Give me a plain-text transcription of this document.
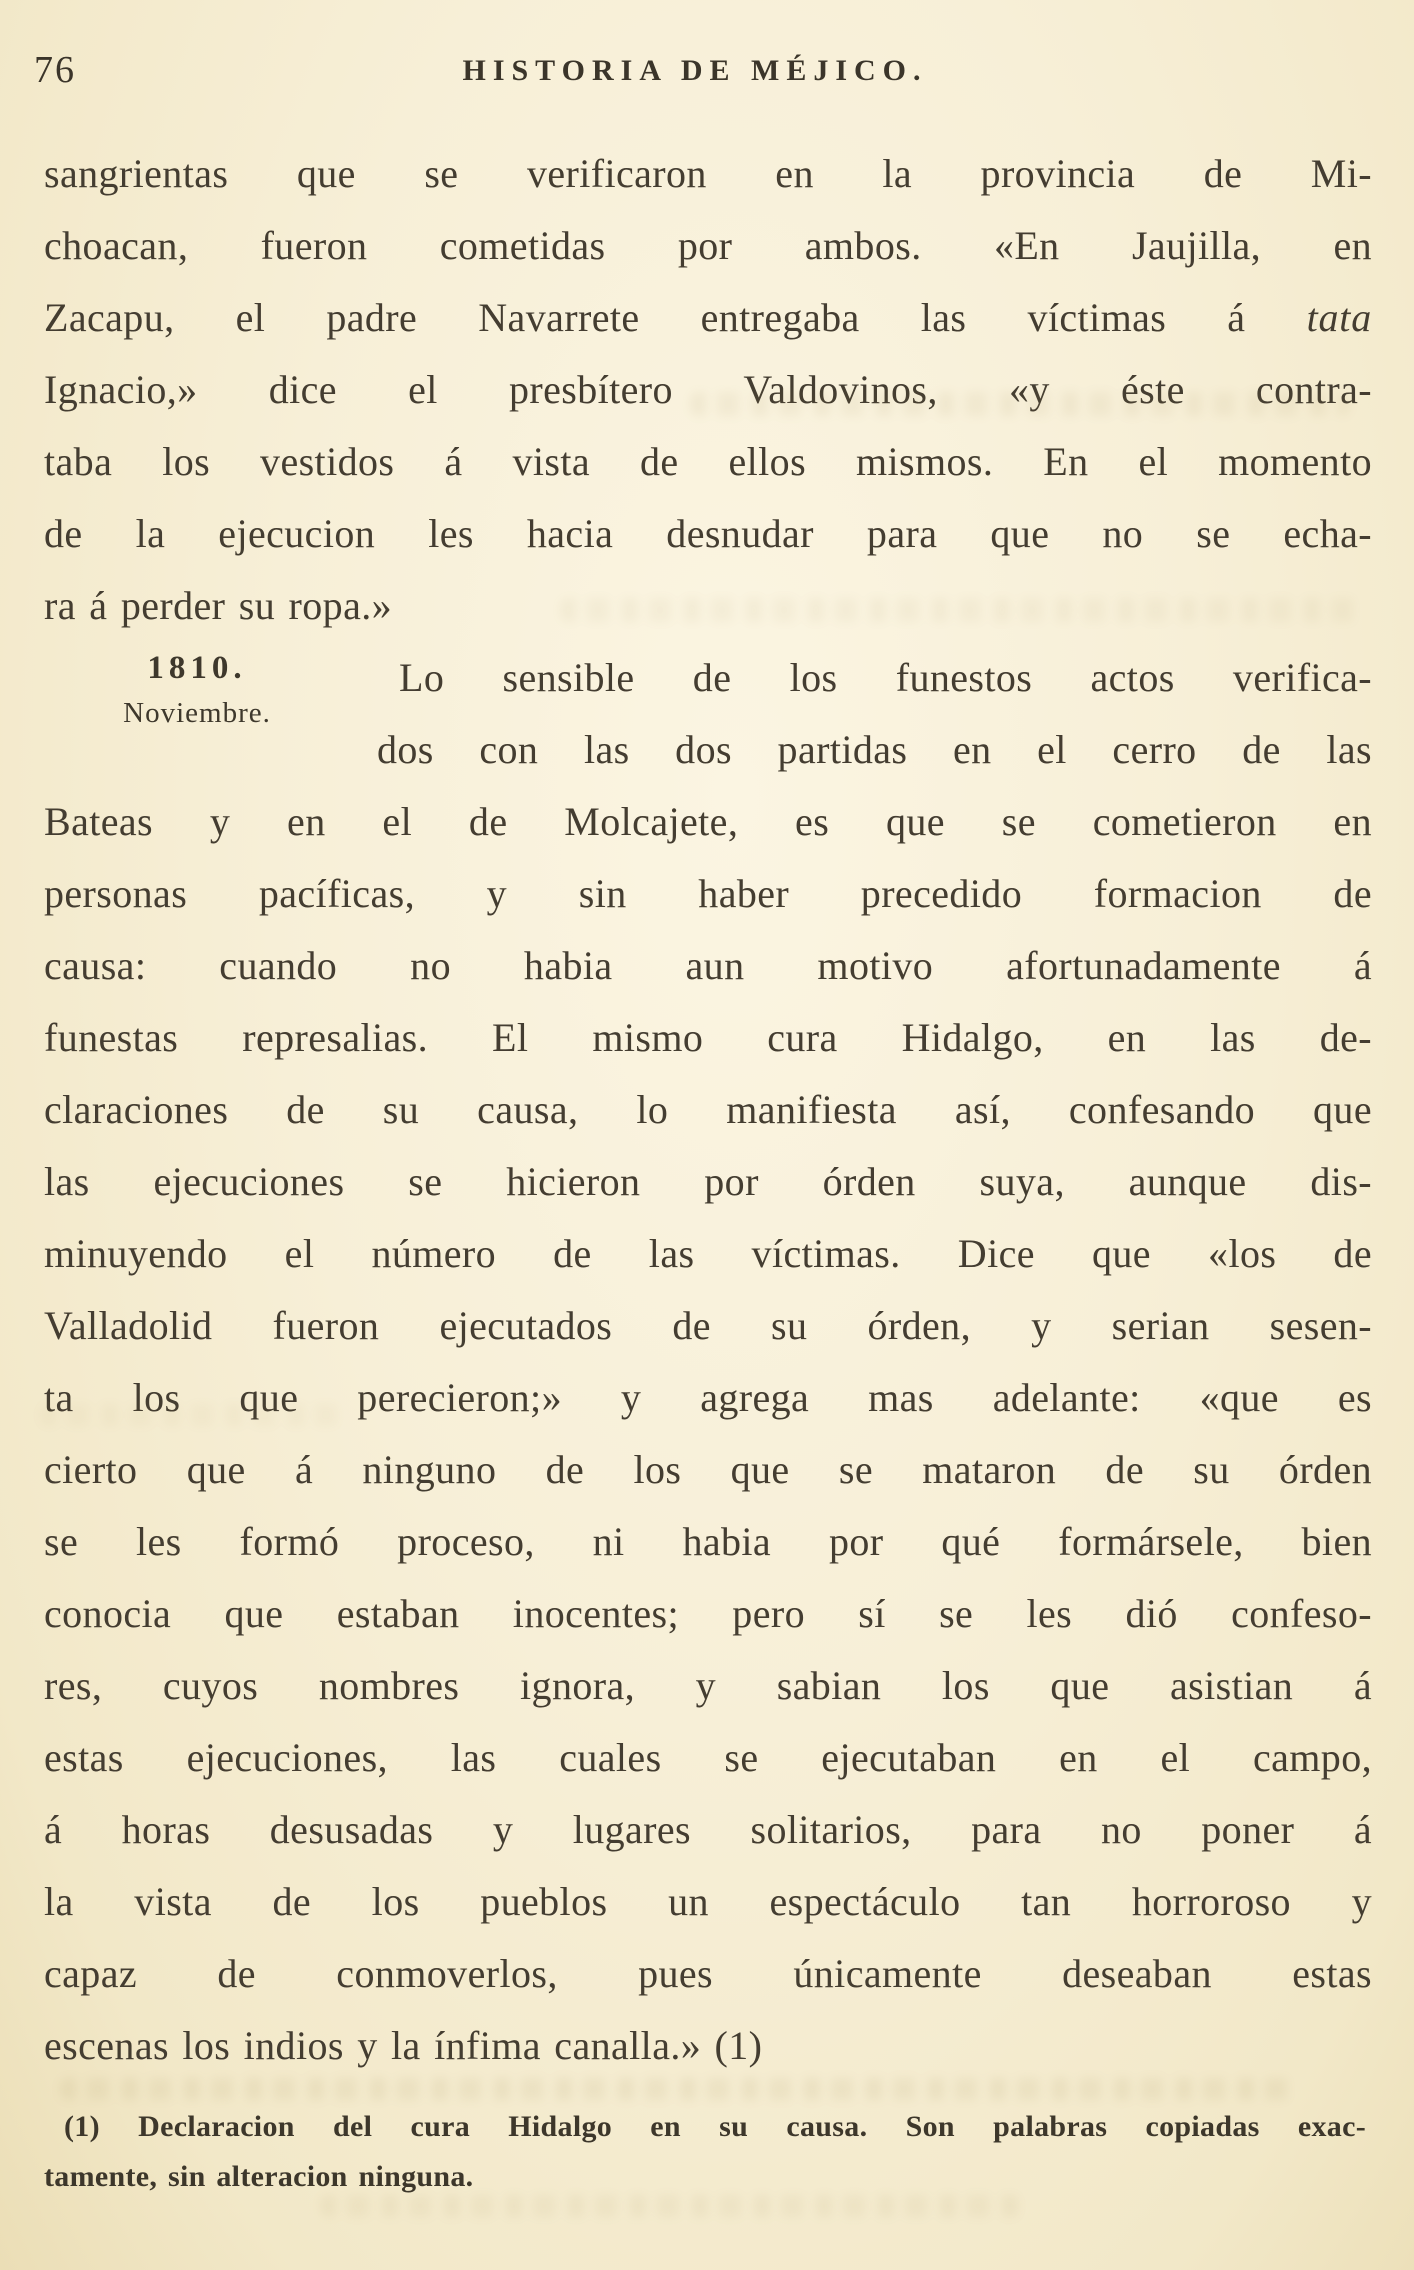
76	HISTORIA DE MÉJICO.
sangrientas que se verificaron en la provincia de Mi-
choacan, fueron cometidas por ambos. «En Jaujilla, en
Zacapu, el padre Navarrete entregaba las víctimas á tata
Ignacio,» dice el presbítero Valdovinos, «y éste contra-
taba los vestidos á vista de ellos mismos. En el momento
de la ejecucion les hacia desnudar para que no se echa-
ra á perder su ropa.»
1810.
Noviembre.
Lo sensible de los funestos actos verifica-
dos con las dos partidas en el cerro de las
Bateas y en el de Molcajete, es que se cometieron en
personas pacíficas, y sin haber precedido formacion de
causa: cuando no habia aun motivo afortunadamente á
funestas represalias. El mismo cura Hidalgo, en las de-
claraciones de su causa, lo manifiesta así, confesando que
las ejecuciones se hicieron por órden suya, aunque dis-
minuyendo el número de las víctimas. Dice que «los de
Valladolid fueron ejecutados de su órden, y serian sesen-
ta los que perecieron;» y agrega mas adelante: «que es
cierto que á ninguno de los que se mataron de su órden
se les formó proceso, ni habia por qué formársele, bien
conocia que estaban inocentes; pero sí se les dió confeso-
res, cuyos nombres ignora, y sabian los que asistian á
estas ejecuciones, las cuales se ejecutaban en el campo,
á horas desusadas y lugares solitarios, para no poner á
la vista de los pueblos un espectáculo tan horroroso y
capaz de conmoverlos, pues únicamente deseaban estas
escenas los indios y la ínfima canalla.» (1)
(1) Declaracion del cura Hidalgo en su causa. Son palabras copiadas exac-
tamente, sin alteracion ninguna.
